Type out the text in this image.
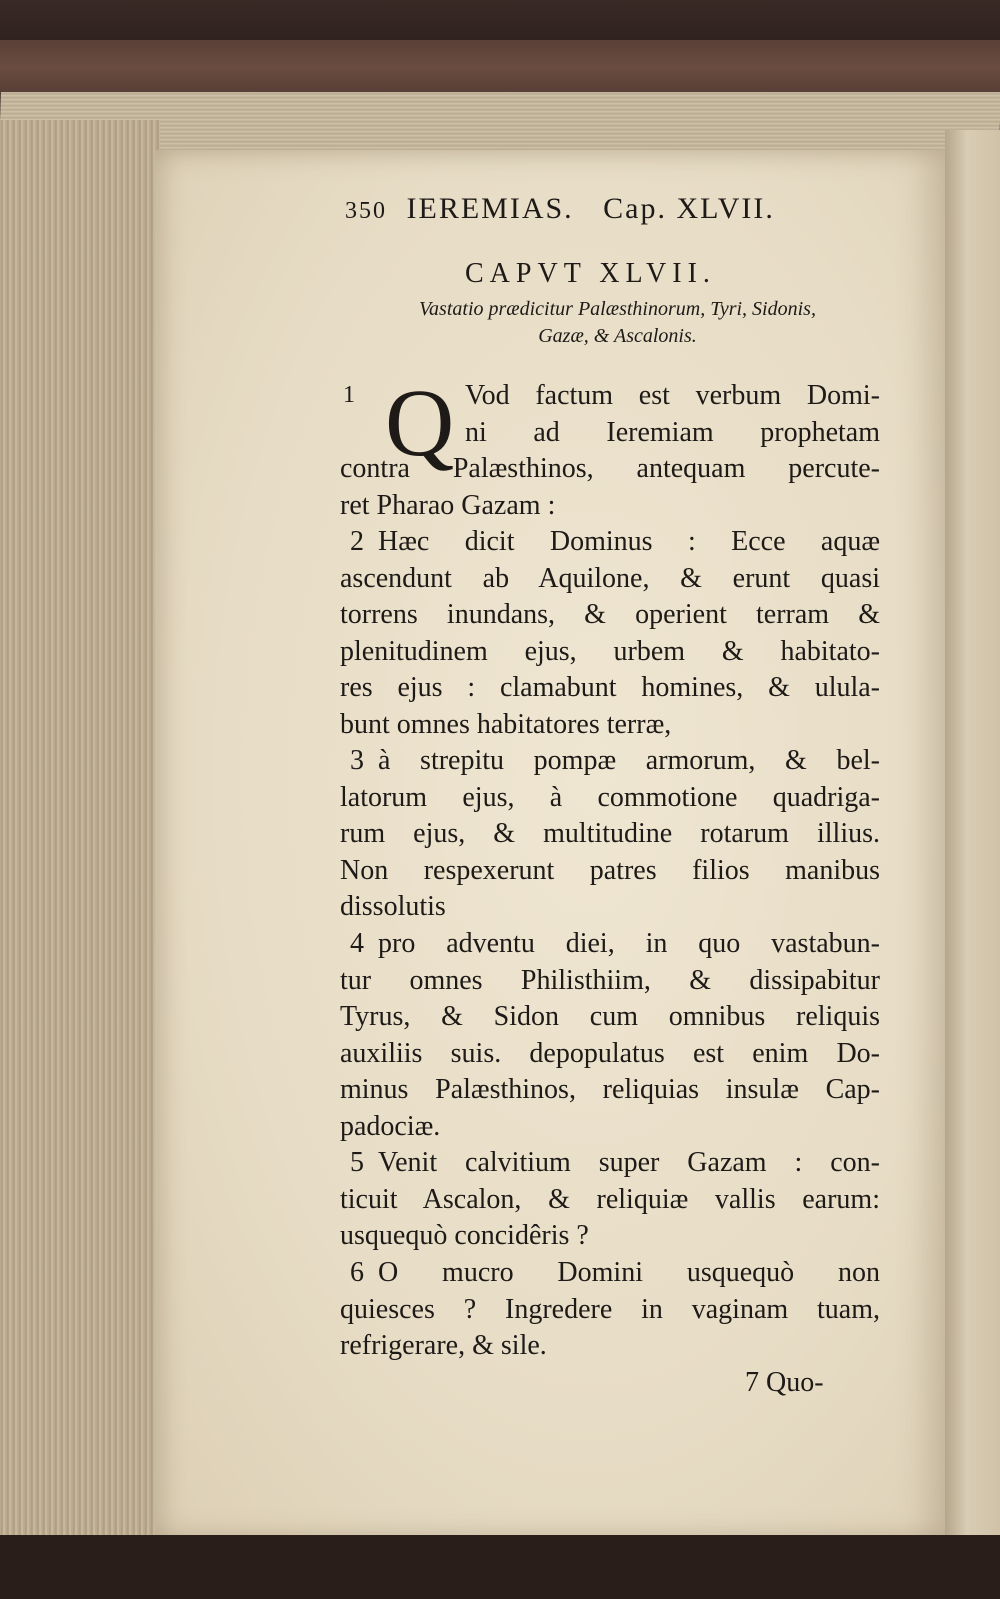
350 IEREMIAS. Cap. XLVII.
CAPVT XLVII.
Vastatio prædicitur Palæsthinorum, Tyri, Sidonis,
Gazæ, & Ascalonis.
1 Q Vod factum est verbum Domi-
ni ad Ieremiam prophetam
contra Palæsthinos, antequam percute-
ret Pharao Gazam :
2 Hæc dicit Dominus : Ecce aquæ
ascendunt ab Aquilone, & erunt quasi
torrens inundans, & operient terram &
plenitudinem ejus, urbem & habitato-
res ejus : clamabunt homines, & ulula-
bunt omnes habitatores terræ,
3 à strepitu pompæ armorum, & bel-
latorum ejus, à commotione quadriga-
rum ejus, & multitudine rotarum illius.
Non respexerunt patres filios manibus
dissolutis
4 pro adventu diei, in quo vastabun-
tur omnes Philisthiim, & dissipabitur
Tyrus, & Sidon cum omnibus reliquis
auxiliis suis. depopulatus est enim Do-
minus Palæsthinos, reliquias insulæ Cap-
padociæ.
5 Venit calvitium super Gazam : con-
ticuit Ascalon, & reliquiæ vallis earum:
usquequò concidêris ?
6 O mucro Domini usquequò non
quiesces ? Ingredere in vaginam tuam,
refrigerare, & sile.
7 Quo-
